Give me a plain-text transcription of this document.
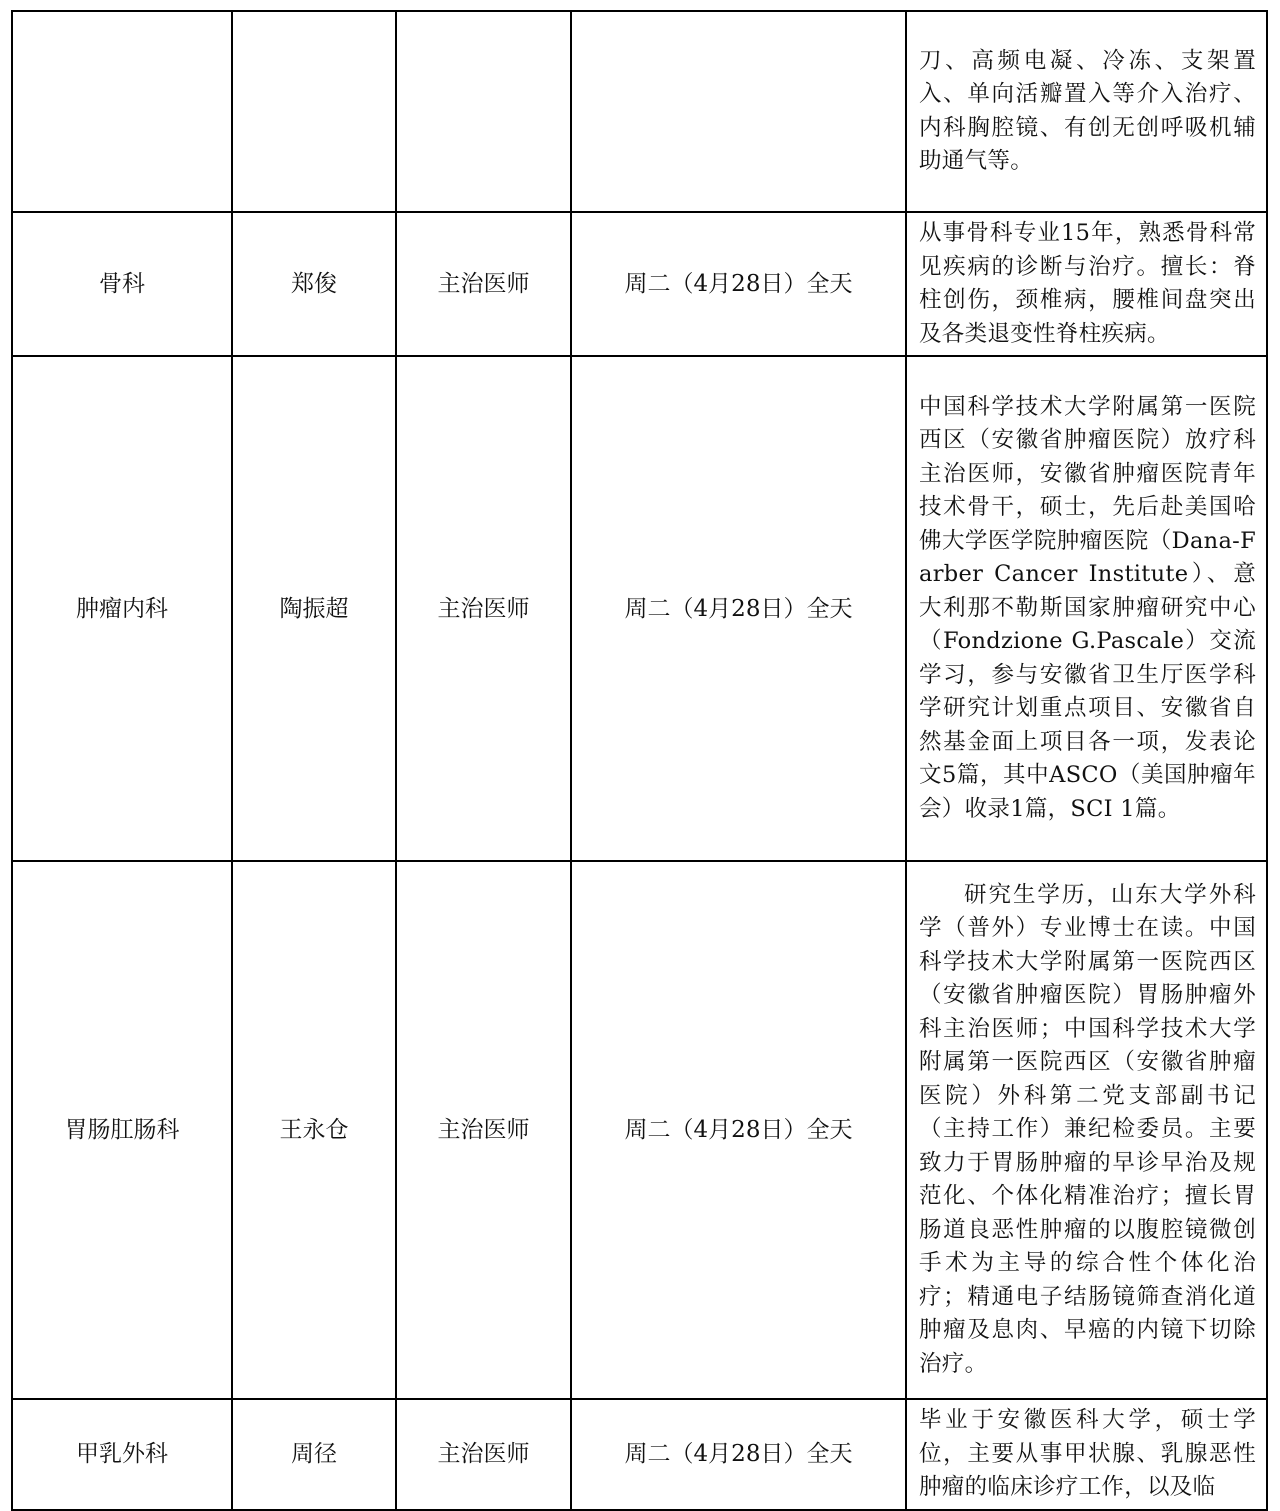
				刀、高频电凝、冷冻、支架置入、单向活瓣置入等介入治疗、内科胸腔镜、有创无创呼吸机辅助通气等。
骨科	郑俊	主治医师	周二（4月28日）全天	从事骨科专业15年，熟悉骨科常见疾病的诊断与治疗。擅长：脊柱创伤，颈椎病，腰椎间盘突出及各类退变性脊柱疾病。
肿瘤内科	陶振超	主治医师	周二（4月28日）全天	中国科学技术大学附属第一医院西区（安徽省肿瘤医院）放疗科主治医师，安徽省肿瘤医院青年技术骨干，硕士，先后赴美国哈佛大学医学院肿瘤医院（Dana-Farber Cancer Institute）、意大利那不勒斯国家肿瘤研究中心（Fondzione G.Pascale）交流学习，参与安徽省卫生厅医学科学研究计划重点项目、安徽省自然基金面上项目各一项，发表论文5篇，其中ASCO（美国肿瘤年会）收录1篇，SCI 1篇。
胃肠肛肠科	王永仓	主治医师	周二（4月28日）全天	研究生学历，山东大学外科学（普外）专业博士在读。中国科学技术大学附属第一医院西区（安徽省肿瘤医院）胃肠肿瘤外科主治医师；中国科学技术大学附属第一医院西区（安徽省肿瘤医院）外科第二党支部副书记（主持工作）兼纪检委员。主要致力于胃肠肿瘤的早诊早治及规范化、个体化精准治疗；擅长胃肠道良恶性肿瘤的以腹腔镜微创手术为主导的综合性个体化治疗；精通电子结肠镜筛查消化道肿瘤及息肉、早癌的内镜下切除治疗。

甲乳外科	周径	主治医师	周二（4月28日）全天	毕业于安徽医科大学，硕士学位，主要从事甲状腺、乳腺恶性肿瘤的临床诊疗工作，以及临
